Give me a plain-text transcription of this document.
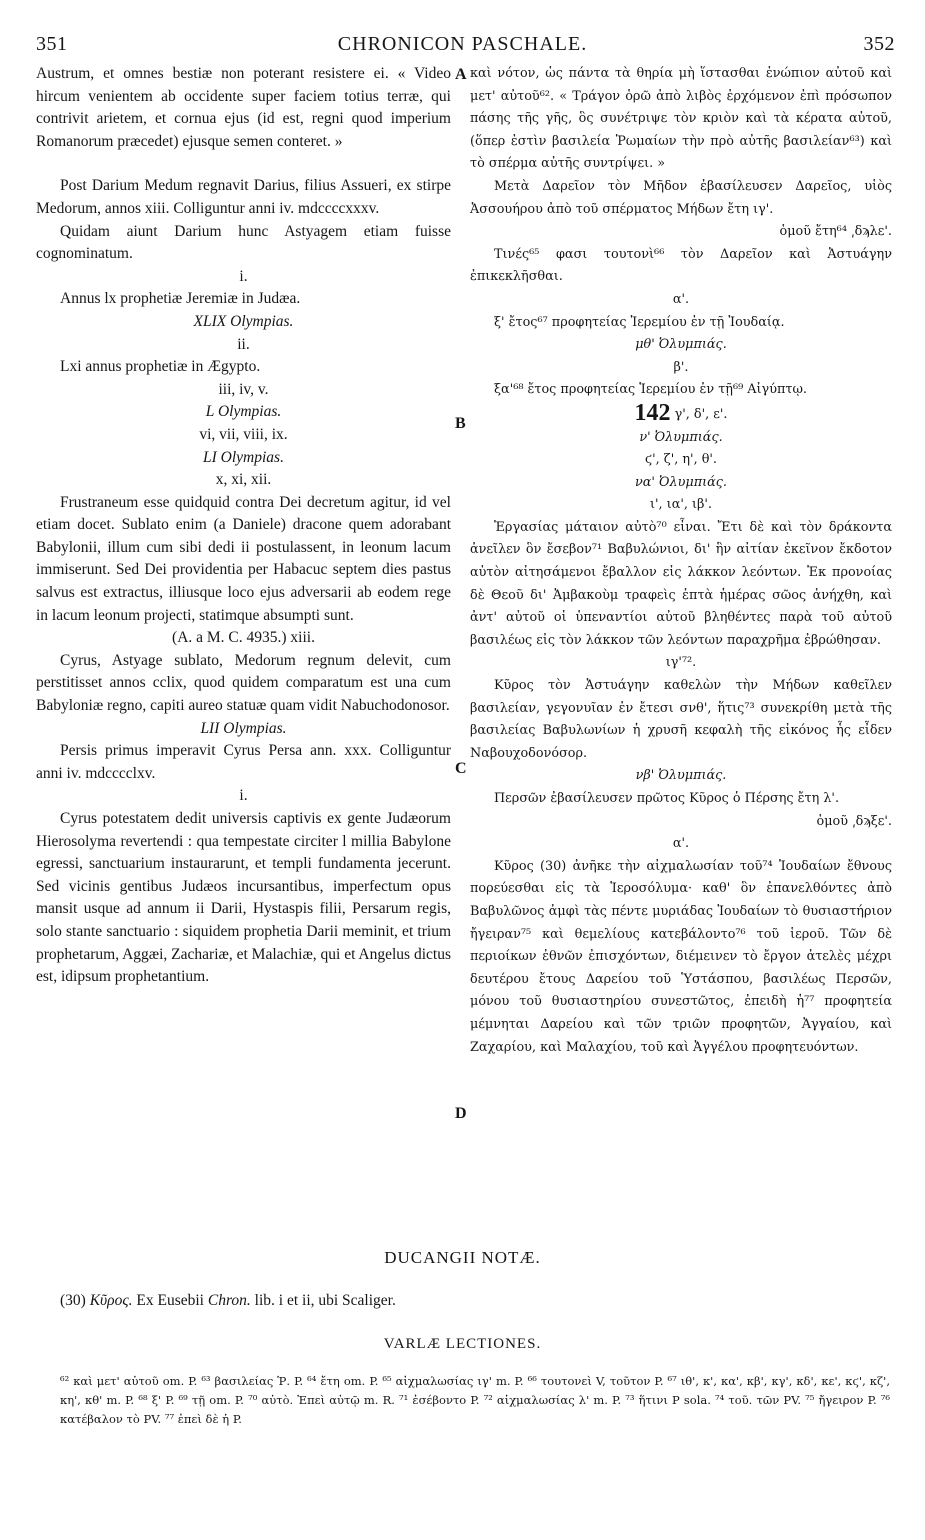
351	CHRONICON PASCHALE.	352
Austrum, et omnes bestiæ non poterant resistere ei. « Video hircum venientem ab occidente super faciem totius terræ, qui contrivit arietem, et cornua ejus (id est, regni quod imperium Romanorum præcedet) ejusque semen conteret. »
Post Darium Medum regnavit Darius, filius Assueri, ex stirpe Medorum, annos xiii. Colliguntur anni iv. mdccccxxxv.
Quidam aiunt Darium hunc Astyagem etiam fuisse cognominatum.
i.
Annus lx prophetiæ Jeremiæ in Judæa.
XLIX Olympias.
ii.
Lxi annus prophetiæ in Ægypto.
iii, iv, v.
L Olympias.
vi, vii, viii, ix.
LI Olympias.
x, xi, xii.
Frustraneum esse quidquid contra Dei decretum agitur, id vel etiam docet. Sublato enim (a Daniele) dracone quem adorabant Babylonii, illum cum sibi dedi ii postulassent, in leonum lacum immiserunt. Sed Dei providentia per Habacuc septem dies pastus salvus est extractus, illiusque loco ejus adversarii ab eodem rege in lacum leonum projecti, statimque absumpti sunt.
(A. a M. C. 4935.) xiii.
Cyrus, Astyage sublato, Medorum regnum delevit, cum perstitisset annos cclix, quod quidem comparatum est una cum Babyloniæ regno, capiti aureo statuæ quam vidit Nabuchodonosor.
LII Olympias.
Persis primus imperavit Cyrus Persa ann. xxx. Colliguntur anni iv. mdcccclxv.
i.
Cyrus potestatem dedit universis captivis ex gente Judæorum Hierosolyma revertendi : qua tempestate circiter l millia Babylone egressi, sanctuarium instaurarunt, et templi fundamenta jecerunt. Sed vicinis gentibus Judæos incursantibus, imperfectum opus mansit usque ad annum ii Darii, Hystaspis filii, Persarum regis, solo stante sanctuario : siquidem prophetia Darii meminit, et trium prophetarum, Aggæi, Zachariæ, et Malachiæ, qui et Angelus dictus est, idipsum prophetantium.
καὶ νότον, ὡς πάντα τὰ θηρία μὴ ἵστασθαι ἐνώπιον αὐτοῦ καὶ μετ' αὐτοῦ⁶². « Τράγον ὁρῶ ἀπὸ λιβὸς ἐρχόμενον ἐπὶ πρόσωπον πάσης τῆς γῆς, ὃς συνέτριψε τὸν κριὸν καὶ τὰ κέρατα αὐτοῦ, (ὅπερ ἐστὶν βασιλεία Ῥωμαίων τὴν πρὸ αὐτῆς βασιλείαν⁶³) καὶ τὸ σπέρμα αὐτῆς συντρίψει. »
Μετὰ Δαρεῖον τὸν Μῆδον ἐβασίλευσεν Δαρεῖος, υἱὸς Ἀσσουήρου ἀπὸ τοῦ σπέρματος Μήδων ἔτη ιγ'.
ὁμοῦ ἔτη⁶⁴ ͵δϡλε'.
Τινές⁶⁵ φασι τουτονὶ⁶⁶ τὸν Δαρεῖον καὶ Ἀστυάγην ἐπικεκλῆσθαι.
α'.
ξ' ἔτος⁶⁷ προφητείας Ἱερεμίου ἐν τῇ Ἰουδαίᾳ.
μθ' Ὀλυμπιάς.
β'.
ξα'⁶⁸ ἔτος προφητείας Ἱερεμίου ἐν τῇ⁶⁹ Αἰγύπτῳ.
142 γ', δ', ε'.
ν' Ὀλυμπιάς.
ϛ', ζ', η', θ'.
να' Ὀλυμπιάς.
ι', ια', ιβ'.
Ἐργασίας μάταιον αὐτὸ⁷⁰ εἶναι. Ἔτι δὲ καὶ τὸν δράκοντα ἀνεῖλεν ὃν ἔσεβον⁷¹ Βαβυλώνιοι, δι' ἣν αἰτίαν ἐκεῖνον ἔκδοτον αὐτὸν αἰτησάμενοι ἔβαλλον εἰς λάκκον λεόντων. Ἐκ προνοίας δὲ Θεοῦ δι' Ἀμβακοὺμ τραφεὶς ἑπτὰ ἡμέρας σῶος ἀνήχθη, καὶ ἀντ' αὐτοῦ οἱ ὑπεναντίοι αὐτοῦ βληθέντες παρὰ τοῦ αὐτοῦ βασιλέως εἰς τὸν λάκκον τῶν λεόντων παραχρῆμα ἐβρώθησαν.
ιγ'⁷².
Κῦρος τὸν Ἀστυάγην καθελὼν τὴν Μήδων καθεῖλεν βασιλείαν, γεγονυῖαν ἐν ἔτεσι σνθ', ἥτις⁷³ συνεκρίθη μετὰ τῆς βασιλείας Βαβυλωνίων ἡ χρυσῆ κεφαλὴ τῆς εἰκόνος ἧς εἶδεν Ναβουχοδονόσορ.
νβ' Ὀλυμπιάς.
Περσῶν ἐβασίλευσεν πρῶτος Κῦρος ὁ Πέρσης ἔτη λ'.
ὁμοῦ ͵δϡξε'.
α'.
Κῦρος (30) ἀνῆκε τὴν αἰχμαλωσίαν τοῦ⁷⁴ Ἰουδαίων ἔθνους πορεύεσθαι εἰς τὰ Ἱεροσόλυμα· καθ' ὃν ἐπανελθόντες ἀπὸ Βαβυλῶνος ἀμφὶ τὰς πέντε μυριάδας Ἰουδαίων τὸ θυσιαστήριον ἤγειραν⁷⁵ καὶ θεμελίους κατεβάλοντο⁷⁶ τοῦ ἱεροῦ. Τῶν δὲ περιοίκων ἐθνῶν ἐπισχόντων, διέμεινεν τὸ ἔργον ἀτελὲς μέχρι δευτέρου ἔτους Δαρείου τοῦ Ὑστάσπου, βασιλέως Περσῶν, μόνου τοῦ θυσιαστηρίου συνεστῶτος, ἐπειδὴ ἡ⁷⁷ προφητεία μέμνηται Δαρείου καὶ τῶν τριῶν προφητῶν, Ἀγγαίου, καὶ Ζαχαρίου, καὶ Μαλαχίου, τοῦ καὶ Ἀγγέλου προφητευόντων.
A
B
C
D
DUCANGII NOTÆ.
(30) Κῦρος. Ex Eusebii Chron. lib. i et ii, ubi Scaliger.
VARLÆ LECTIONES.
⁶² καὶ μετ' αὐτοῦ om. P. ⁶³ βασιλείας Ῥ. P. ⁶⁴ ἔτη om. P. ⁶⁵ αἰχμαλωσίας ιγ' m. P. ⁶⁶ τουτονεὶ V, τοῦτον P. ⁶⁷ ιθ', κ', κα', κβ', κγ', κδ', κε', κϛ', κζ', κη', κθ' m. P. ⁶⁸ ξ' P. ⁶⁹ τῇ om. P. ⁷⁰ αὐτὸ. Ἐπεὶ αὐτῷ m. R. ⁷¹ ἐσέβοντο P. ⁷² αἰχμαλωσίας λ' m. P. ⁷³ ἥτινι P sola. ⁷⁴ τοῦ. τῶν PV. ⁷⁵ ἤγειρον P. ⁷⁶ κατέβαλον τὸ PV. ⁷⁷ ἐπεὶ δὲ ἡ P.
